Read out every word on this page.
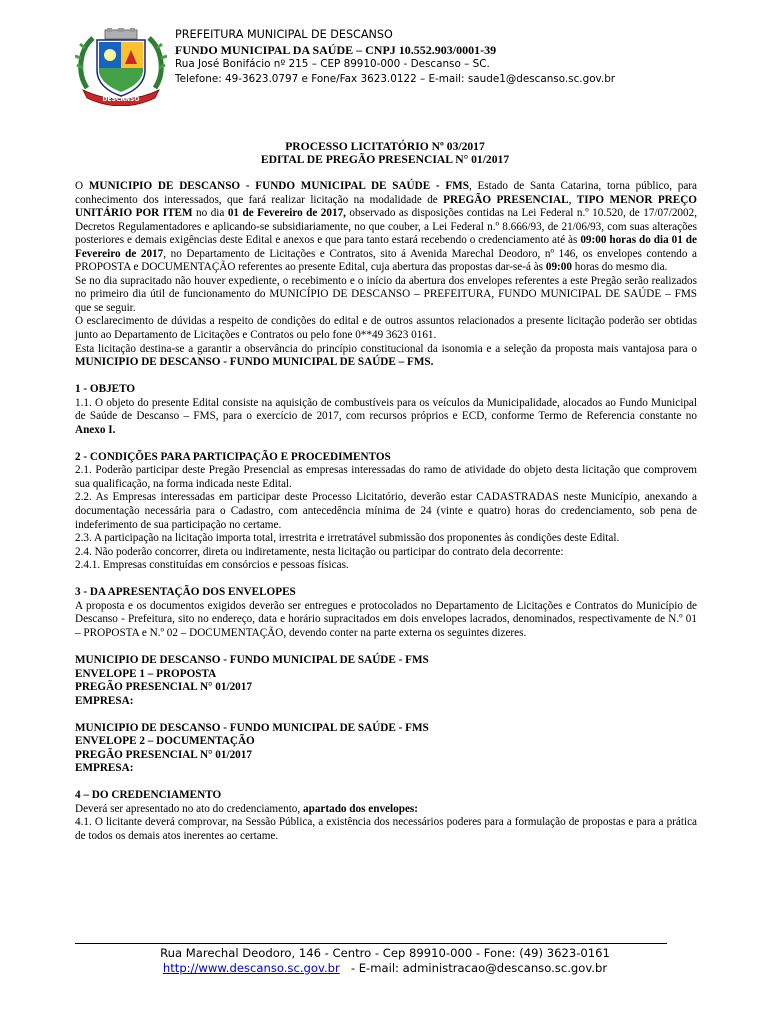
DESCANSO
PREFEITURA MUNICIPAL DE DESCANSO
FUNDO MUNICIPAL DA SAÚDE – CNPJ 10.552.903/0001-39
Rua José Bonifácio nº 215 – CEP 89910-000 - Descanso – SC.
Telefone: 49-3623.0797 e Fone/Fax 3623.0122 – E-mail: saude1@descanso.sc.gov.br
PROCESSO LICITATÓRIO Nº 03/2017
EDITAL DE PREGÃO PRESENCIAL N° 01/2017

O MUNICIPIO DE DESCANSO - FUNDO MUNICIPAL DE SAÚDE - FMS, Estado de Santa Catarina, torna público, para conhecimento dos interessados, que fará realizar licitação na modalidade de PREGÃO PRESENCIAL, TIPO MENOR PREÇO UNITÁRIO POR ITEM no dia 01 de Fevereiro de 2017, observado as disposições contidas na Lei Federal n.º 10.520, de 17/07/2002, Decretos Regulamentadores e aplicando-se subsidiariamente, no que couber, a Lei Federal n.º 8.666/93, de 21/06/93, com suas alterações posteriores e demais exigências deste Edital e anexos e que para tanto estará recebendo o credenciamento até às 09:00 horas do dia 01 de Fevereiro de 2017, no Departamento de Licitações e Contratos, sito á Avenida Marechal Deodoro, nº 146, os envelopes contendo a PROPOSTA e DOCUMENTAÇÃO referentes ao presente Edital, cuja abertura das propostas dar-se-á às 09:00 horas do mesmo dia.

Se no dia supracitado não houver expediente, o recebimento e o início da abertura dos envelopes referentes a este Pregão serão realizados no primeiro dia útil de funcionamento do MUNICÍPIO DE DESCANSO – PREFEITURA, FUNDO MUNICIPAL DE SAÚDE – FMS que se seguir.

O esclarecimento de dúvidas a respeito de condições do edital e de outros assuntos relacionados a presente licitação poderão ser obtidas junto ao Departamento de Licitações e Contratos ou pelo fone 0**49 3623 0161.

Esta licitação destina-se a garantir a observância do princípio constitucional da isonomia e a seleção da proposta mais vantajosa para o MUNICIPIO DE DESCANSO - FUNDO MUNICIPAL DE SAÚDE – FMS.

1 - OBJETO

1.1. O objeto do presente Edital consiste na aquisição de combustíveis para os veículos da Municipalidade, alocados ao Fundo Municipal de Saúde de Descanso – FMS, para o exercício de 2017, com recursos próprios e ECD, conforme Termo de Referencia constante no Anexo I.

2 - CONDIÇÕES PARA PARTICIPAÇÃO E PROCEDIMENTOS

2.1. Poderão participar deste Pregão Presencial as empresas interessadas do ramo de atividade do objeto desta licitação que comprovem sua qualificação, na forma indicada neste Edital.

2.2. As Empresas interessadas em participar deste Processo Licitatório, deverão estar CADASTRADAS neste Município, anexando a documentação necessária para o Cadastro, com antecedência mínima de 24 (vinte e quatro) horas do credenciamento, sob pena de indeferimento de sua participação no certame.

2.3. A participação na licitação importa total, irrestrita e irretratável submissão dos proponentes às condições deste Edital.

2.4. Não poderão concorrer, direta ou indiretamente, nesta licitação ou participar do contrato dela decorrente:

2.4.1. Empresas constituídas em consórcios e pessoas físicas.

3 - DA APRESENTAÇÃO DOS ENVELOPES

A proposta e os documentos exigidos deverão ser entregues e protocolados no Departamento de Licitações e Contratos do Município de Descanso - Prefeitura, sito no endereço, data e horário supracitados em dois envelopes lacrados, denominados, respectivamente de N.º 01 – PROPOSTA e N.º 02 – DOCUMENTAÇÃO, devendo conter na parte externa os seguintes dizeres.

MUNICIPIO DE DESCANSO - FUNDO MUNICIPAL DE SAÚDE - FMS

ENVELOPE 1 – PROPOSTA

PREGÃO PRESENCIAL N° 01/2017

EMPRESA:

MUNICIPIO DE DESCANSO - FUNDO MUNICIPAL DE SAÚDE - FMS

ENVELOPE 2 – DOCUMENTAÇÃO

PREGÃO PRESENCIAL N° 01/2017

EMPRESA:

4 – DO CREDENCIAMENTO

Deverá ser apresentado no ato do credenciamento, apartado dos envelopes:

4.1. O licitante deverá comprovar, na Sessão Pública, a existência dos necessários poderes para a formulação de propostas e para a prática de todos os demais atos inerentes ao certame.

Rua Marechal Deodoro, 146 - Centro - Cep 89910-000 - Fone: (49) 3623-0161
http://www.descanso.sc.gov.br   - E-mail: administracao@descanso.sc.gov.br
